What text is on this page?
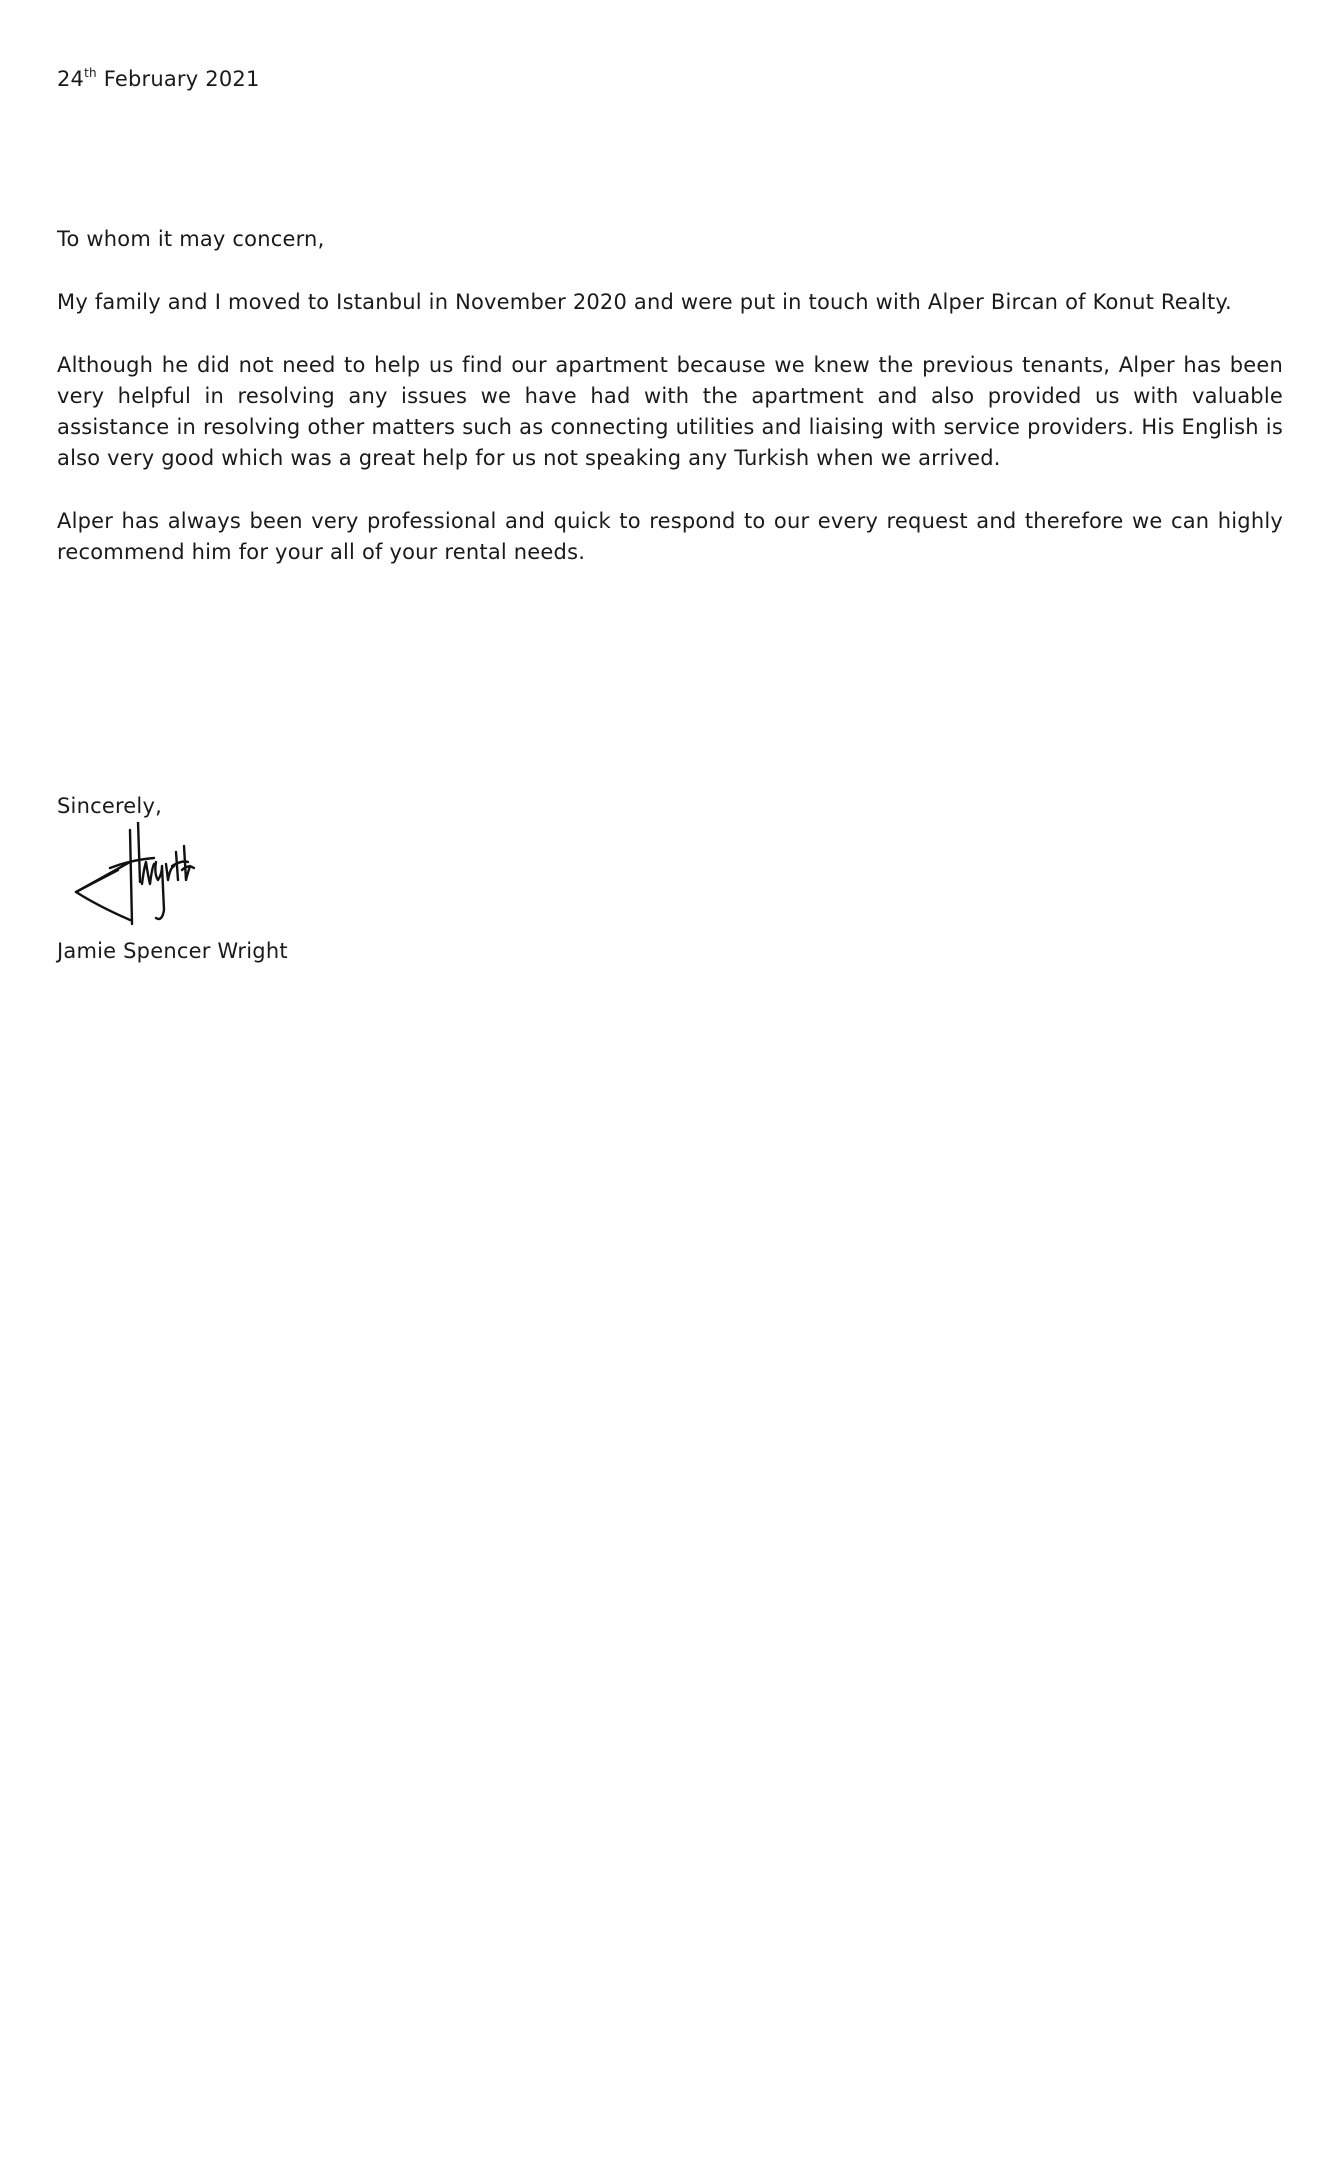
24th February 2021
To whom it may concern,
My family and I moved to Istanbul in November 2020 and were put in touch with Alper Bircan of Konut Realty.
Although he did not need to help us find our apartment because we knew the previous tenants, Alper has been very helpful in resolving any issues we have had with the apartment and also provided us with valuable assistance in resolving other matters such as connecting utilities and liaising with service providers. His English is also very good which was a great help for us not speaking any Turkish when we arrived.
Alper has always been very professional and quick to respond to our every request and therefore we can highly recommend him for your all of your rental needs.
Sincerely,
Jamie Spencer Wright
